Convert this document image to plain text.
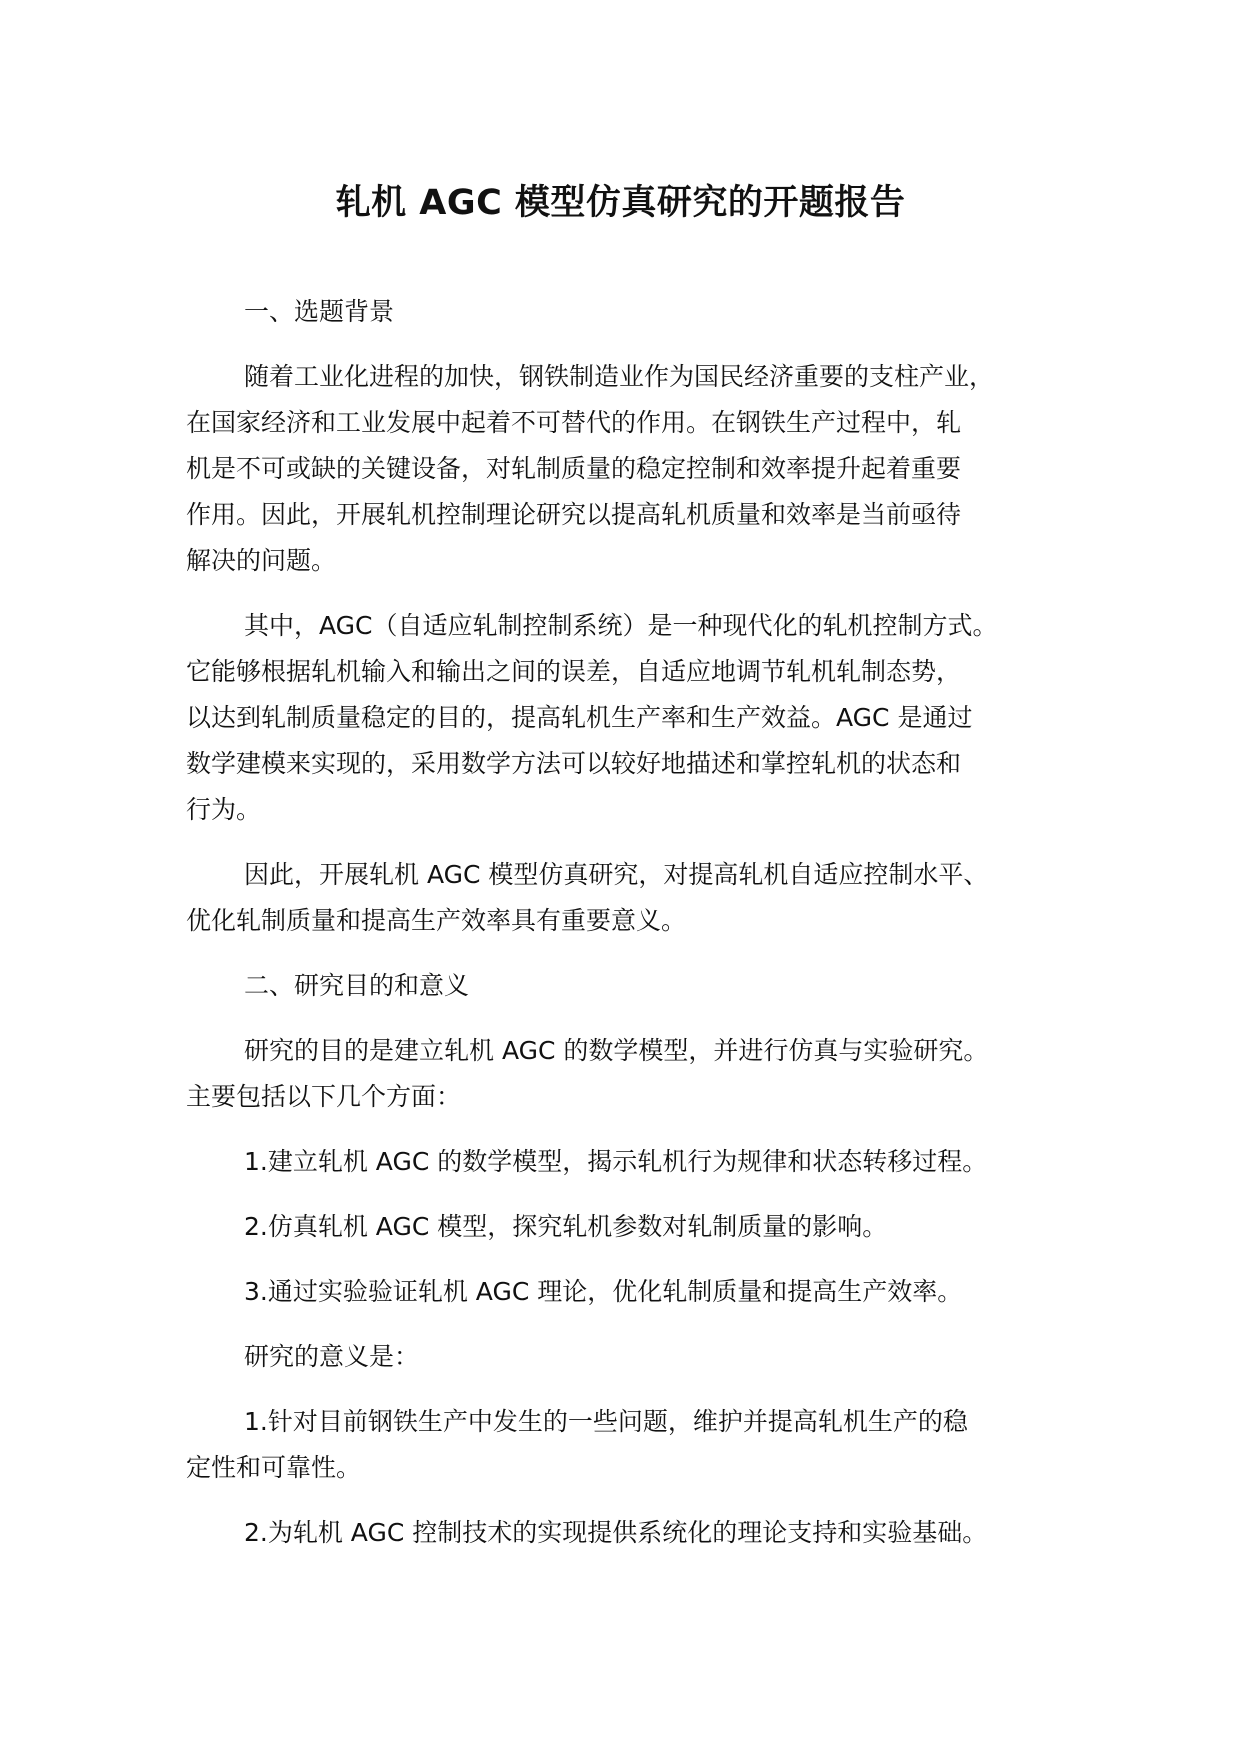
轧机 AGC 模型仿真研究的开题报告
一、选题背景
随着工业化进程的加快，钢铁制造业作为国民经济重要的支柱产业，
在国家经济和工业发展中起着不可替代的作用。在钢铁生产过程中，轧
机是不可或缺的关键设备，对轧制质量的稳定控制和效率提升起着重要
作用。因此，开展轧机控制理论研究以提高轧机质量和效率是当前亟待
解决的问题。
其中，AGC（自适应轧制控制系统）是一种现代化的轧机控制方式。
它能够根据轧机输入和输出之间的误差，自适应地调节轧机轧制态势，
以达到轧制质量稳定的目的，提高轧机生产率和生产效益。AGC 是通过
数学建模来实现的，采用数学方法可以较好地描述和掌控轧机的状态和
行为。
因此，开展轧机 AGC 模型仿真研究，对提高轧机自适应控制水平、
优化轧制质量和提高生产效率具有重要意义。
二、研究目的和意义
研究的目的是建立轧机 AGC 的数学模型，并进行仿真与实验研究。
主要包括以下几个方面：
1.建立轧机 AGC 的数学模型，揭示轧机行为规律和状态转移过程。
2.仿真轧机 AGC 模型，探究轧机参数对轧制质量的影响。
3.通过实验验证轧机 AGC 理论，优化轧制质量和提高生产效率。
研究的意义是：
1.针对目前钢铁生产中发生的一些问题，维护并提高轧机生产的稳
定性和可靠性。
2.为轧机 AGC 控制技术的实现提供系统化的理论支持和实验基础。
